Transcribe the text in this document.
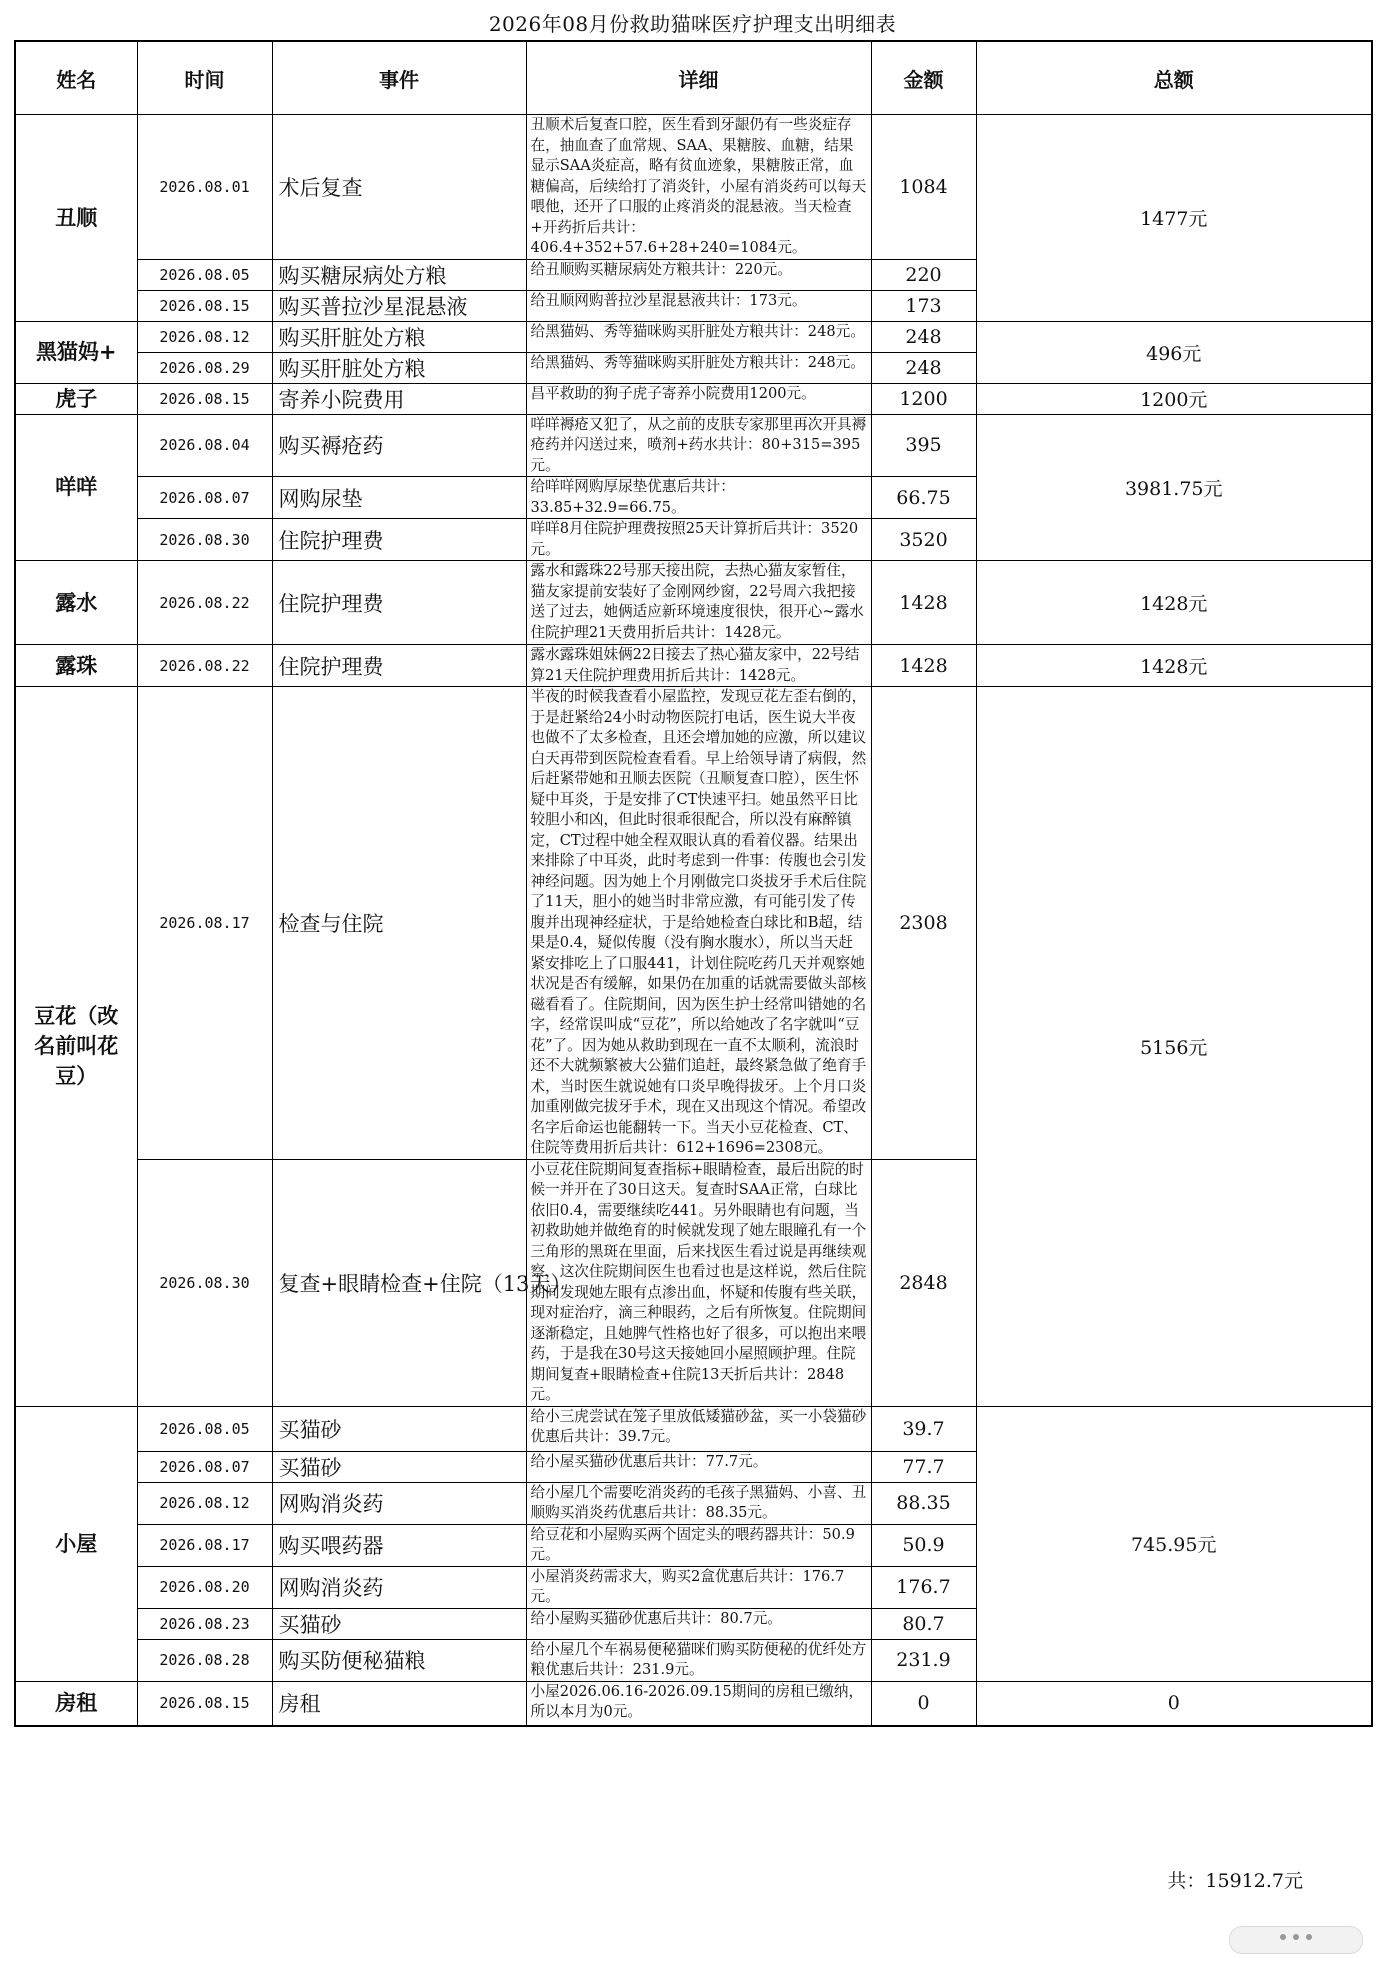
2026年08月份救助猫咪医疗护理支出明细表
姓名	时间	事件	详细	金额	总额
丑顺	2026.08.01	术后复查	丑顺术后复查口腔，医生看到牙龈仍有一些炎症存在，抽血查了血常规、SAA、果糖胺、血糖，结果显示SAA炎症高，略有贫血迹象，果糖胺正常，血糖偏高，后续给打了消炎针，小屋有消炎药可以每天喂他，还开了口服的止疼消炎的混悬液。当天检查+开药折后共计：406.4+352+57.6+28+240=1084元。	1084	1477元
	2026.08.05	购买糖尿病处方粮	给丑顺购买糖尿病处方粮共计：220元。	220	
	2026.08.15	购买普拉沙星混悬液	给丑顺网购普拉沙星混悬液共计：173元。	173	
黑猫妈+	2026.08.12	购买肝脏处方粮	给黑猫妈、秀等猫咪购买肝脏处方粮共计：248元。	248	496元
	2026.08.29	购买肝脏处方粮	给黑猫妈、秀等猫咪购买肝脏处方粮共计：248元。	248	
虎子	2026.08.15	寄养小院费用	昌平救助的狗子虎子寄养小院费用1200元。	1200	1200元
咩咩	2026.08.04	购买褥疮药	咩咩褥疮又犯了，从之前的皮肤专家那里再次开具褥疮药并闪送过来，喷剂+药水共计：80+315=395元。	395	3981.75元
	2026.08.07	网购尿垫	给咩咩网购厚尿垫优惠后共计：33.85+32.9=66.75。	66.75	
	2026.08.30	住院护理费	咩咩8月住院护理费按照25天计算折后共计：3520元。	3520	
露水	2026.08.22	住院护理费	露水和露珠22号那天接出院，去热心猫友家暂住，猫友家提前安装好了金刚网纱窗，22号周六我把接送了过去，她俩适应新环境速度很快，很开心~露水住院护理21天费用折后共计：1428元。	1428	1428元
露珠	2026.08.22	住院护理费	露水露珠姐妹俩22日接去了热心猫友家中，22号结算21天住院护理费用折后共计：1428元。	1428	1428元
豆花（改名前叫花豆）	2026.08.17	检查与住院	半夜的时候我查看小屋监控，发现豆花左歪右倒的，于是赶紧给24小时动物医院打电话，医生说大半夜也做不了太多检查，且还会增加她的应激，所以建议白天再带到医院检查看看。早上给领导请了病假，然后赶紧带她和丑顺去医院（丑顺复查口腔），医生怀疑中耳炎，于是安排了CT快速平扫。她虽然平日比较胆小和凶，但此时很乖很配合，所以没有麻醉镇定，CT过程中她全程双眼认真的看着仪器。结果出来排除了中耳炎，此时考虑到一件事：传腹也会引发神经问题。因为她上个月刚做完口炎拔牙手术后住院了11天，胆小的她当时非常应激，有可能引发了传腹并出现神经症状，于是给她检查白球比和B超，结果是0.4，疑似传腹（没有胸水腹水），所以当天赶紧安排吃上了口服441，计划住院吃药几天并观察她状况是否有缓解，如果仍在加重的话就需要做头部核磁看看了。住院期间，因为医生护士经常叫错她的名字，经常误叫成“豆花”，所以给她改了名字就叫“豆花”了。因为她从救助到现在一直不太顺利，流浪时还不大就频繁被大公猫们追赶，最终紧急做了绝育手术，当时医生就说她有口炎早晚得拔牙。上个月口炎加重刚做完拔牙手术，现在又出现这个情况。希望改名字后命运也能翻转一下。当天小豆花检查、CT、住院等费用折后共计：612+1696=2308元。	2308	5156元
	2026.08.30	复查+眼睛检查+住院（13天）	小豆花住院期间复查指标+眼睛检查，最后出院的时候一并开在了30日这天。复查时SAA正常，白球比依旧0.4，需要继续吃441。另外眼睛也有问题，当初救助她并做绝育的时候就发现了她左眼瞳孔有一个三角形的黑斑在里面，后来找医生看过说是再继续观察，这次住院期间医生也看过也是这样说，然后住院期间发现她左眼有点渗出血，怀疑和传腹有些关联，现对症治疗，滴三种眼药，之后有所恢复。住院期间逐渐稳定，且她脾气性格也好了很多，可以抱出来喂药，于是我在30号这天接她回小屋照顾护理。住院期间复查+眼睛检查+住院13天折后共计：2848元。	2848	
小屋	2026.08.05	买猫砂	给小三虎尝试在笼子里放低矮猫砂盆，买一小袋猫砂优惠后共计：39.7元。	39.7	745.95元
	2026.08.07	买猫砂	给小屋买猫砂优惠后共计：77.7元。	77.7	
	2026.08.12	网购消炎药	给小屋几个需要吃消炎药的毛孩子黑猫妈、小喜、丑顺购买消炎药优惠后共计：88.35元。	88.35	
	2026.08.17	购买喂药器	给豆花和小屋购买两个固定头的喂药器共计：50.9元。	50.9	
	2026.08.20	网购消炎药	小屋消炎药需求大，购买2盒优惠后共计：176.7元。	176.7	
	2026.08.23	买猫砂	给小屋购买猫砂优惠后共计：80.7元。	80.7	
	2026.08.28	购买防便秘猫粮	给小屋几个车祸易便秘猫咪们购买防便秘的优纤处方粮优惠后共计：231.9元。	231.9	
房租	2026.08.15	房租	小屋2026.06.16-2026.09.15期间的房租已缴纳，所以本月为0元。	0	0
共：15912.7元
